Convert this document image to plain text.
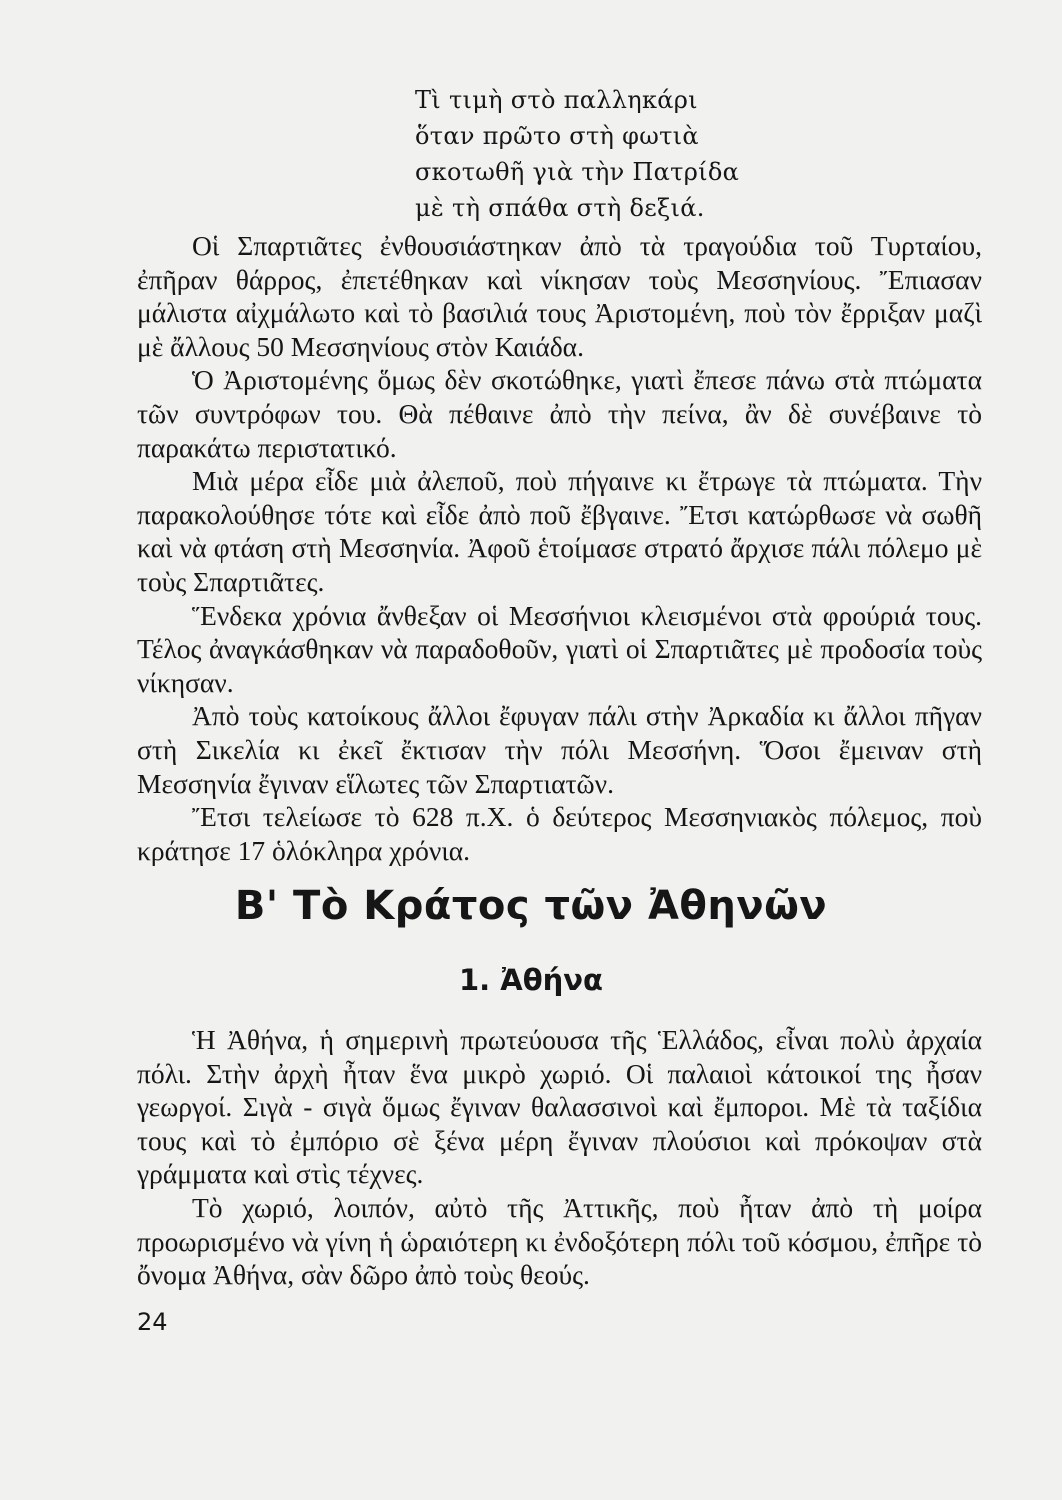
Τὶ τιμὴ στὸ παλληκάρι
ὅταν πρῶτο στὴ φωτιὰ
σκοτωθῆ γιὰ τὴν Πατρίδα
μὲ τὴ σπάθα στὴ δεξιά.

Οἱ Σπαρτιᾶτες ἐνθουσιάστηκαν ἀπὸ τὰ τραγούδια τοῦ Τυρταίου, ἐπῆραν θάρρος, ἐπετέθηκαν καὶ νίκησαν τοὺς Μεσσηνίους. Ἔπιασαν μάλιστα αἰχμάλωτο καὶ τὸ βασιλιά τους Ἀριστομένη, ποὺ τὸν ἔρριξαν μαζὶ μὲ ἄλλους 50 Μεσσηνίους στὸν Καιάδα.

Ὁ Ἀριστομένης ὅμως δὲν σκοτώθηκε, γιατὶ ἔπεσε πάνω στὰ πτώματα τῶν συντρόφων του. Θὰ πέθαινε ἀπὸ τὴν πείνα, ἂν δὲ συνέβαινε τὸ παρακάτω περιστατικό.

Μιὰ μέρα εἶδε μιὰ ἀλεποῦ, ποὺ πήγαινε κι ἔτρωγε τὰ πτώματα. Τὴν παρακολούθησε τότε καὶ εἶδε ἀπὸ ποῦ ἔβγαινε. Ἔτσι κατώρθωσε νὰ σωθῆ καὶ νὰ φτάση στὴ Μεσσηνία. Ἀφοῦ ἑτοίμασε στρατό ἄρχισε πάλι πόλεμο μὲ τοὺς Σπαρτιᾶτες.

Ἕνδεκα χρόνια ἄνθεξαν οἱ Μεσσήνιοι κλεισμένοι στὰ φρούριά τους. Τέλος ἀναγκάσθηκαν νὰ παραδοθοῦν, γιατὶ οἱ Σπαρτιᾶτες μὲ προδοσία τοὺς νίκησαν.

Ἀπὸ τοὺς κατοίκους ἄλλοι ἔφυγαν πάλι στὴν Ἀρκαδία κι ἄλλοι πῆγαν στὴ Σικελία κι ἐκεῖ ἔκτισαν τὴν πόλι Μεσσήνη. Ὅσοι ἔμειναν στὴ Μεσσηνία ἔγιναν εἵλωτες τῶν Σπαρτιατῶν.

Ἔτσι τελείωσε τὸ 628 π.Χ. ὁ δεύτερος Μεσσηνιακὸς πόλεμος, ποὺ κράτησε 17 ὁλόκληρα χρόνια.

Β' Τὸ Κράτος τῶν Ἀθηνῶν
1. Ἀθήνα

Ἡ Ἀθήνα, ἡ σημερινὴ πρωτεύουσα τῆς Ἑλλάδος, εἶναι πολὺ ἀρχαία πόλι. Στὴν ἀρχὴ ἦταν ἕνα μικρὸ χωριό. Οἱ παλαιοὶ κάτοικοί της ἦσαν γεωργοί. Σιγὰ - σιγὰ ὅμως ἔγιναν θαλασσινοὶ καὶ ἔμποροι. Μὲ τὰ ταξίδια τους καὶ τὸ ἐμπόριο σὲ ξένα μέρη ἔγιναν πλούσιοι καὶ πρόκοψαν στὰ γράμματα καὶ στὶς τέχνες.

Τὸ χωριό, λοιπόν, αὐτὸ τῆς Ἀττικῆς, ποὺ ἦταν ἀπὸ τὴ μοίρα προωρισμένο νὰ γίνη ἡ ὡραιότερη κι ἐνδοξότερη πόλι τοῦ κόσμου, ἐπῆρε τὸ ὄνομα Ἀθήνα, σὰν δῶρο ἀπὸ τοὺς θεούς.

24
